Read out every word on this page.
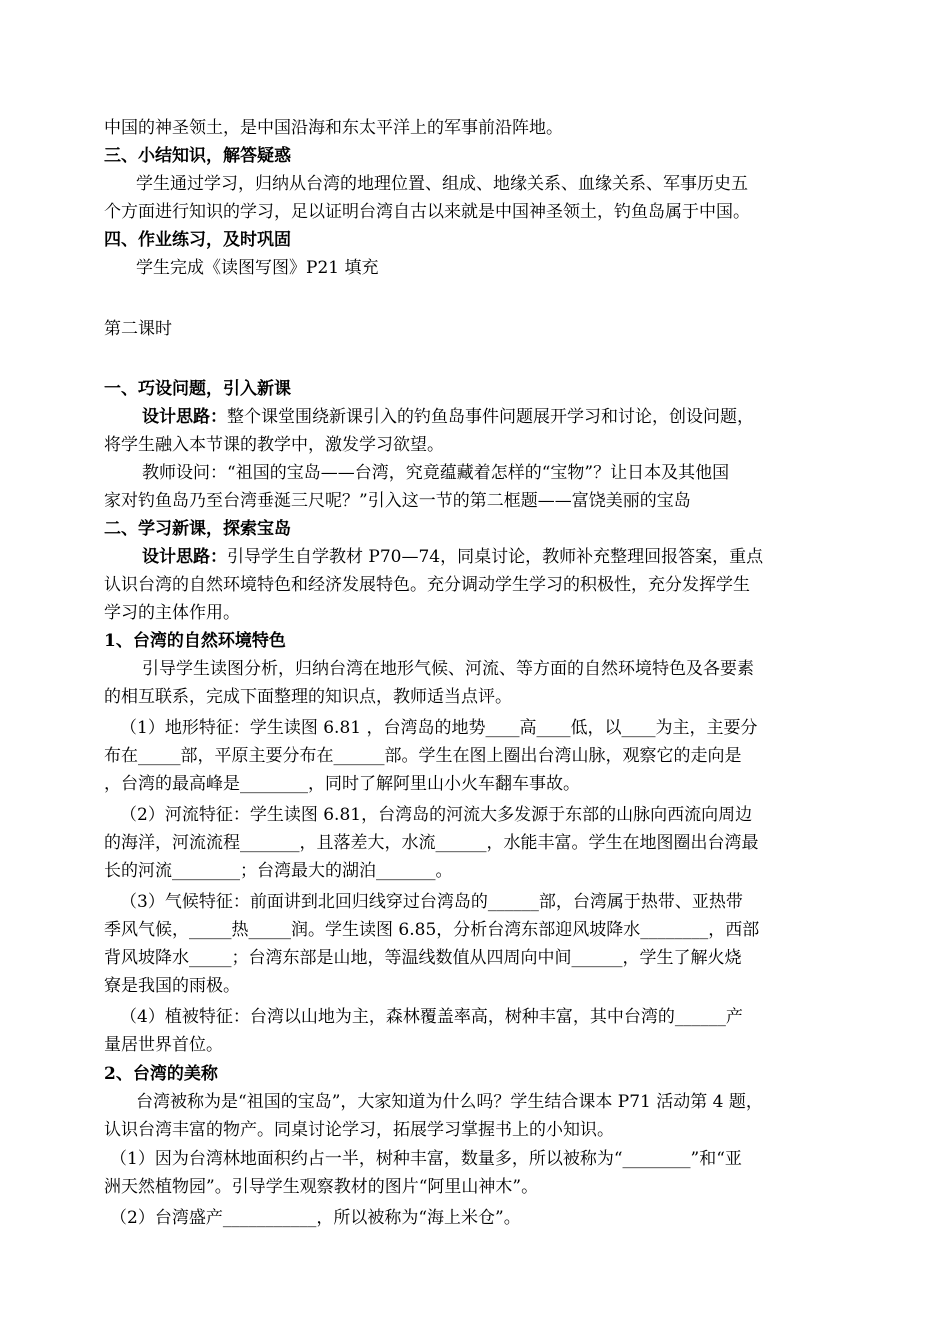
中国的神圣领土，是中国沿海和东太平洋上的军事前沿阵地。
三、小结知识，解答疑惑
学生通过学习，归纳从台湾的地理位置、组成、地缘关系、血缘关系、军事历史五
个方面进行知识的学习，足以证明台湾自古以来就是中国神圣领土，钓鱼岛属于中国。
四、作业练习，及时巩固
学生完成《读图写图》P21 填充
第二课时
一、巧设问题，引入新课
设计思路：整个课堂围绕新课引入的钓鱼岛事件问题展开学习和讨论，创设问题，
将学生融入本节课的教学中，激发学习欲望。
教师设问：“祖国的宝岛——台湾，究竟蕴藏着怎样的“宝物”？让日本及其他国
家对钓鱼岛乃至台湾垂涎三尺呢？”引入这一节的第二框题——富饶美丽的宝岛
二、学习新课，探索宝岛
设计思路：引导学生自学教材 P70—74，同桌讨论，教师补充整理回报答案，重点
认识台湾的自然环境特色和经济发展特色。充分调动学生学习的积极性，充分发挥学生
学习的主体作用。
1、台湾的自然环境特色
引导学生读图分析，归纳台湾在地形气候、河流、等方面的自然环境特色及各要素
的相互联系，完成下面整理的知识点，教师适当点评。
（1）地形特征：学生读图 6.81 ，台湾岛的地势____高____低，以____为主，主要分
布在_____部，平原主要分布在______部。学生在图上圈出台湾山脉，观察它的走向是
，台湾的最高峰是________，同时了解阿里山小火车翻车事故。
（2）河流特征：学生读图 6.81，台湾岛的河流大多发源于东部的山脉向西流向周边
的海洋，河流流程_______，且落差大，水流______，水能丰富。学生在地图圈出台湾最
长的河流________；台湾最大的湖泊_______。
（3）气候特征：前面讲到北回归线穿过台湾岛的______部，台湾属于热带、亚热带
季风气候，_____热_____润。学生读图 6.85，分析台湾东部迎风坡降水________，西部
背风坡降水_____；台湾东部是山地，等温线数值从四周向中间______，学生了解火烧
寮是我国的雨极。
（4）植被特征：台湾以山地为主，森林覆盖率高，树种丰富，其中台湾的______产
量居世界首位。
2、台湾的美称
台湾被称为是“祖国的宝岛”，大家知道为什么吗？学生结合课本 P71 活动第 4 题，
认识台湾丰富的物产。同桌讨论学习，拓展学习掌握书上的小知识。
（1）因为台湾林地面积约占一半，树种丰富，数量多，所以被称为“________”和“亚
洲天然植物园”。引导学生观察教材的图片“阿里山神木”。
（2）台湾盛产___________，所以被称为“海上米仓”。
